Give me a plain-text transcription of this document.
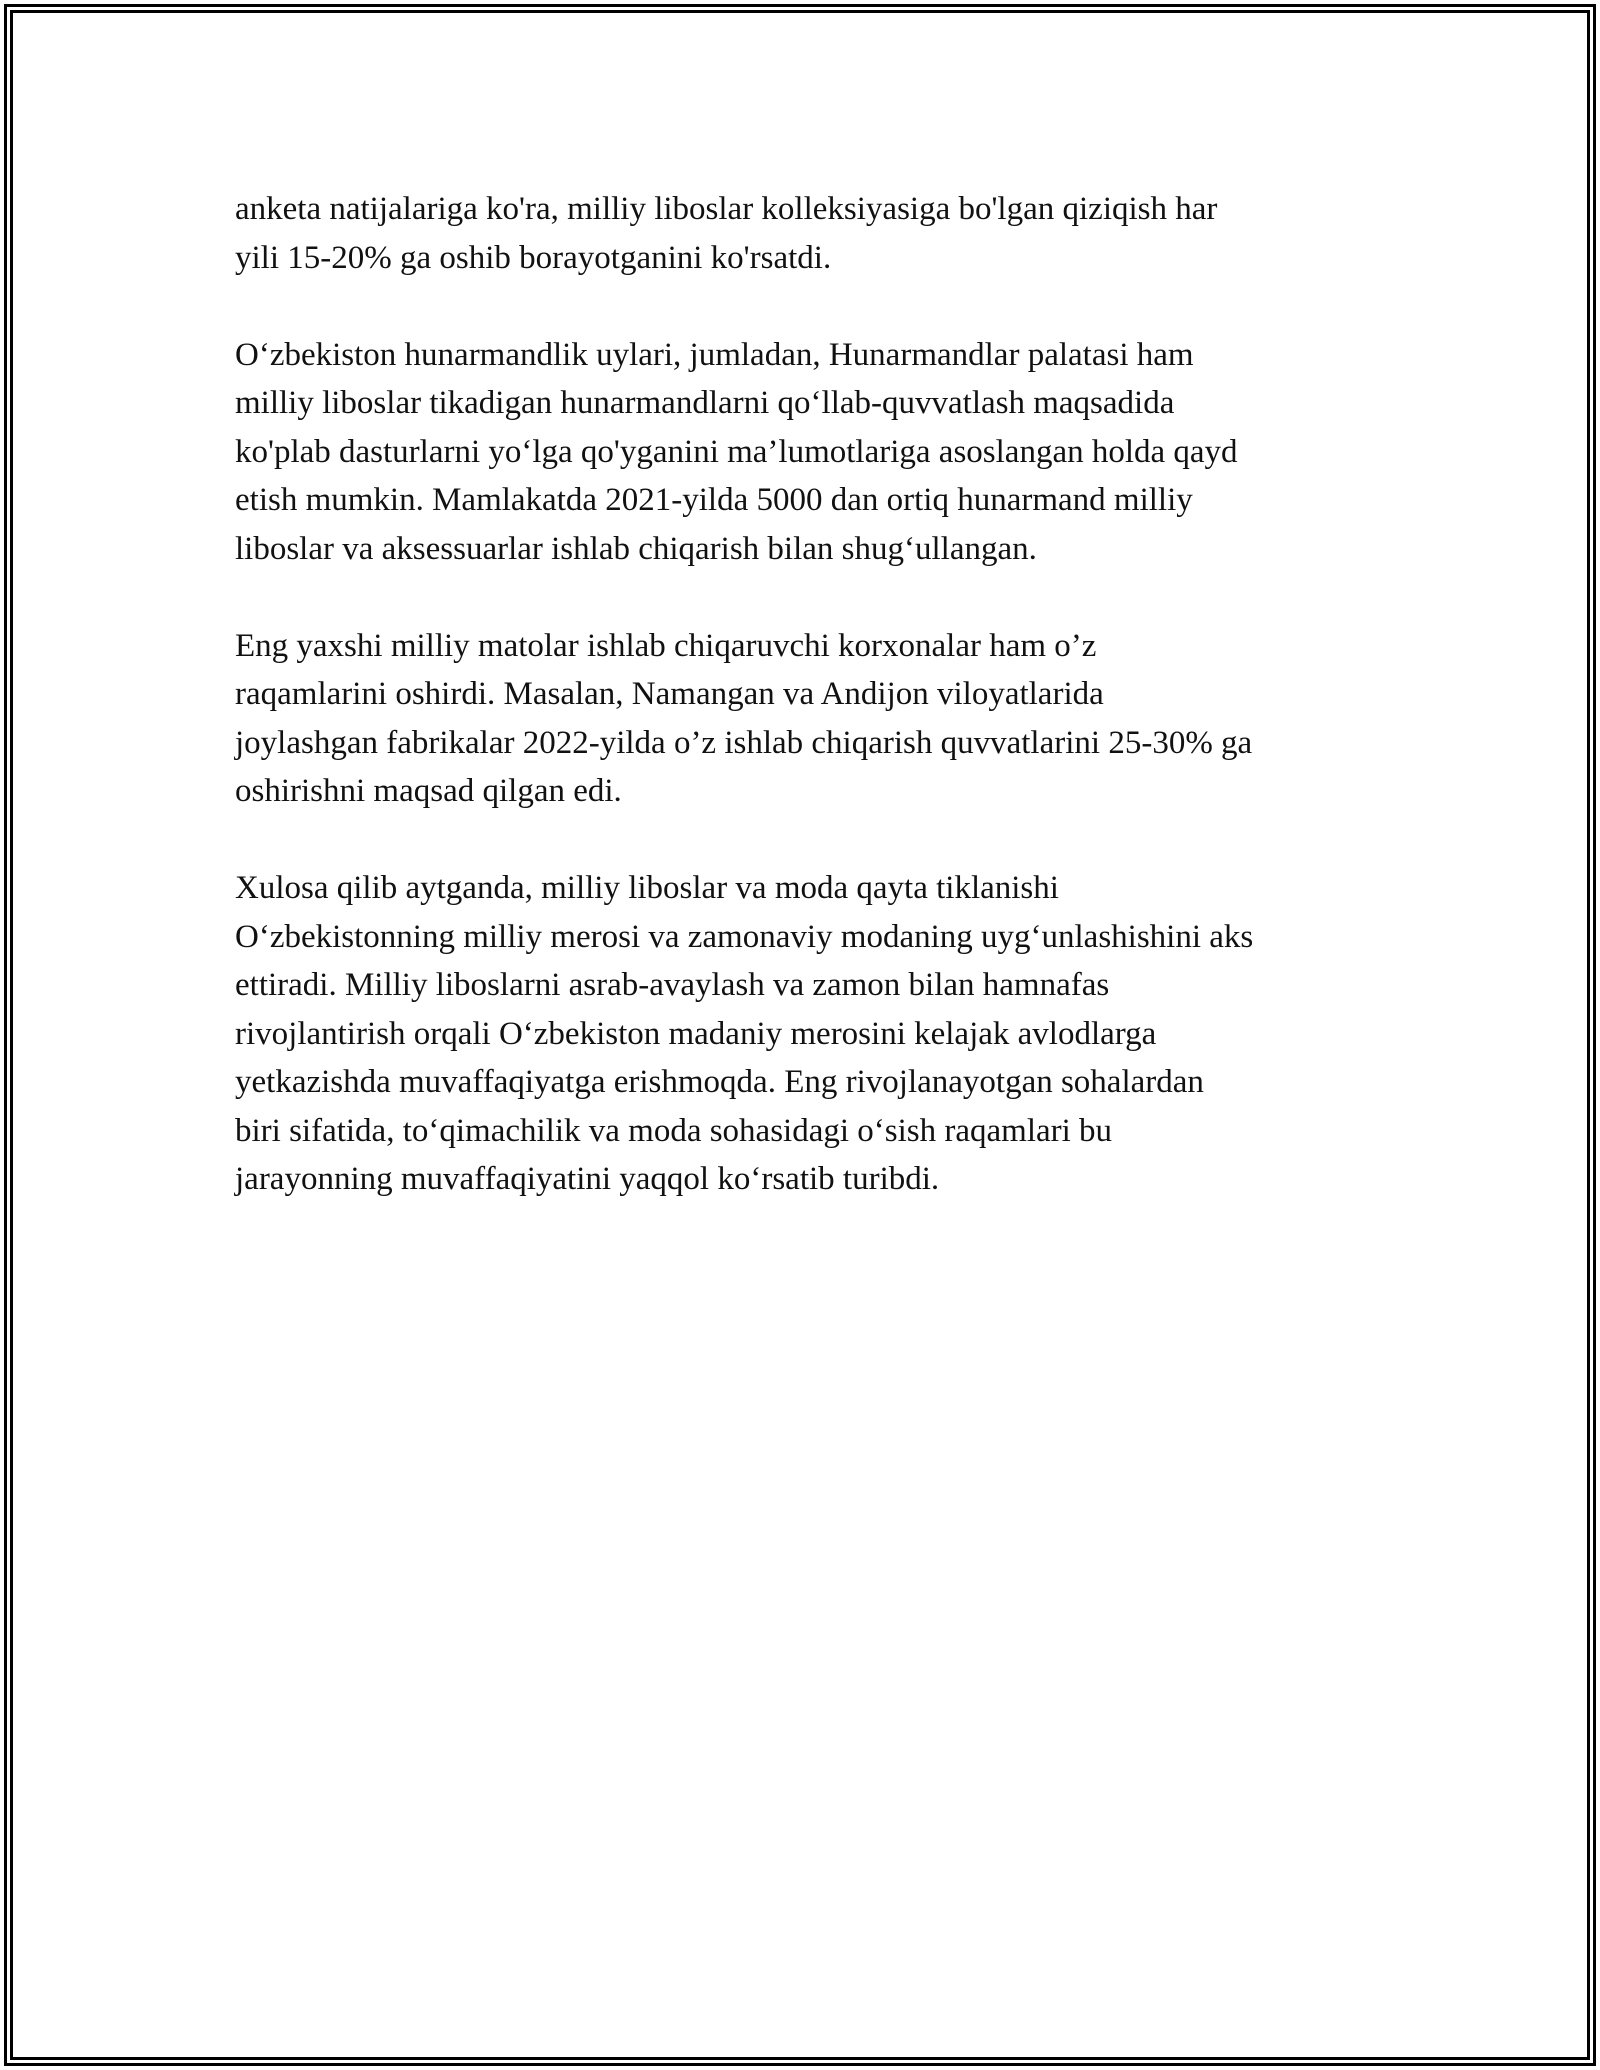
anketa natijalariga ko'ra, milliy liboslar kolleksiyasiga bo'lgan qiziqish har
yili 15-20% ga oshib borayotganini ko'rsatdi.

O‘zbekiston hunarmandlik uylari, jumladan, Hunarmandlar palatasi ham
milliy liboslar tikadigan hunarmandlarni qo‘llab-quvvatlash maqsadida
ko'plab dasturlarni yo‘lga qo'yganini ma’lumotlariga asoslangan holda qayd
etish mumkin. Mamlakatda 2021-yilda 5000 dan ortiq hunarmand milliy
liboslar va aksessuarlar ishlab chiqarish bilan shug‘ullangan.

Eng yaxshi milliy matolar ishlab chiqaruvchi korxonalar ham o’z
raqamlarini oshirdi. Masalan, Namangan va Andijon viloyatlarida
joylashgan fabrikalar 2022-yilda o’z ishlab chiqarish quvvatlarini 25-30% ga
oshirishni maqsad qilgan edi.

Xulosa qilib aytganda, milliy liboslar va moda qayta tiklanishi
O‘zbekistonning milliy merosi va zamonaviy modaning uyg‘unlashishini aks
ettiradi. Milliy liboslarni asrab-avaylash va zamon bilan hamnafas
rivojlantirish orqali O‘zbekiston madaniy merosini kelajak avlodlarga
yetkazishda muvaffaqiyatga erishmoqda. Eng rivojlanayotgan sohalardan
biri sifatida, to‘qimachilik va moda sohasidagi o‘sish raqamlari bu
jarayonning muvaffaqiyatini yaqqol ko‘rsatib turibdi.
